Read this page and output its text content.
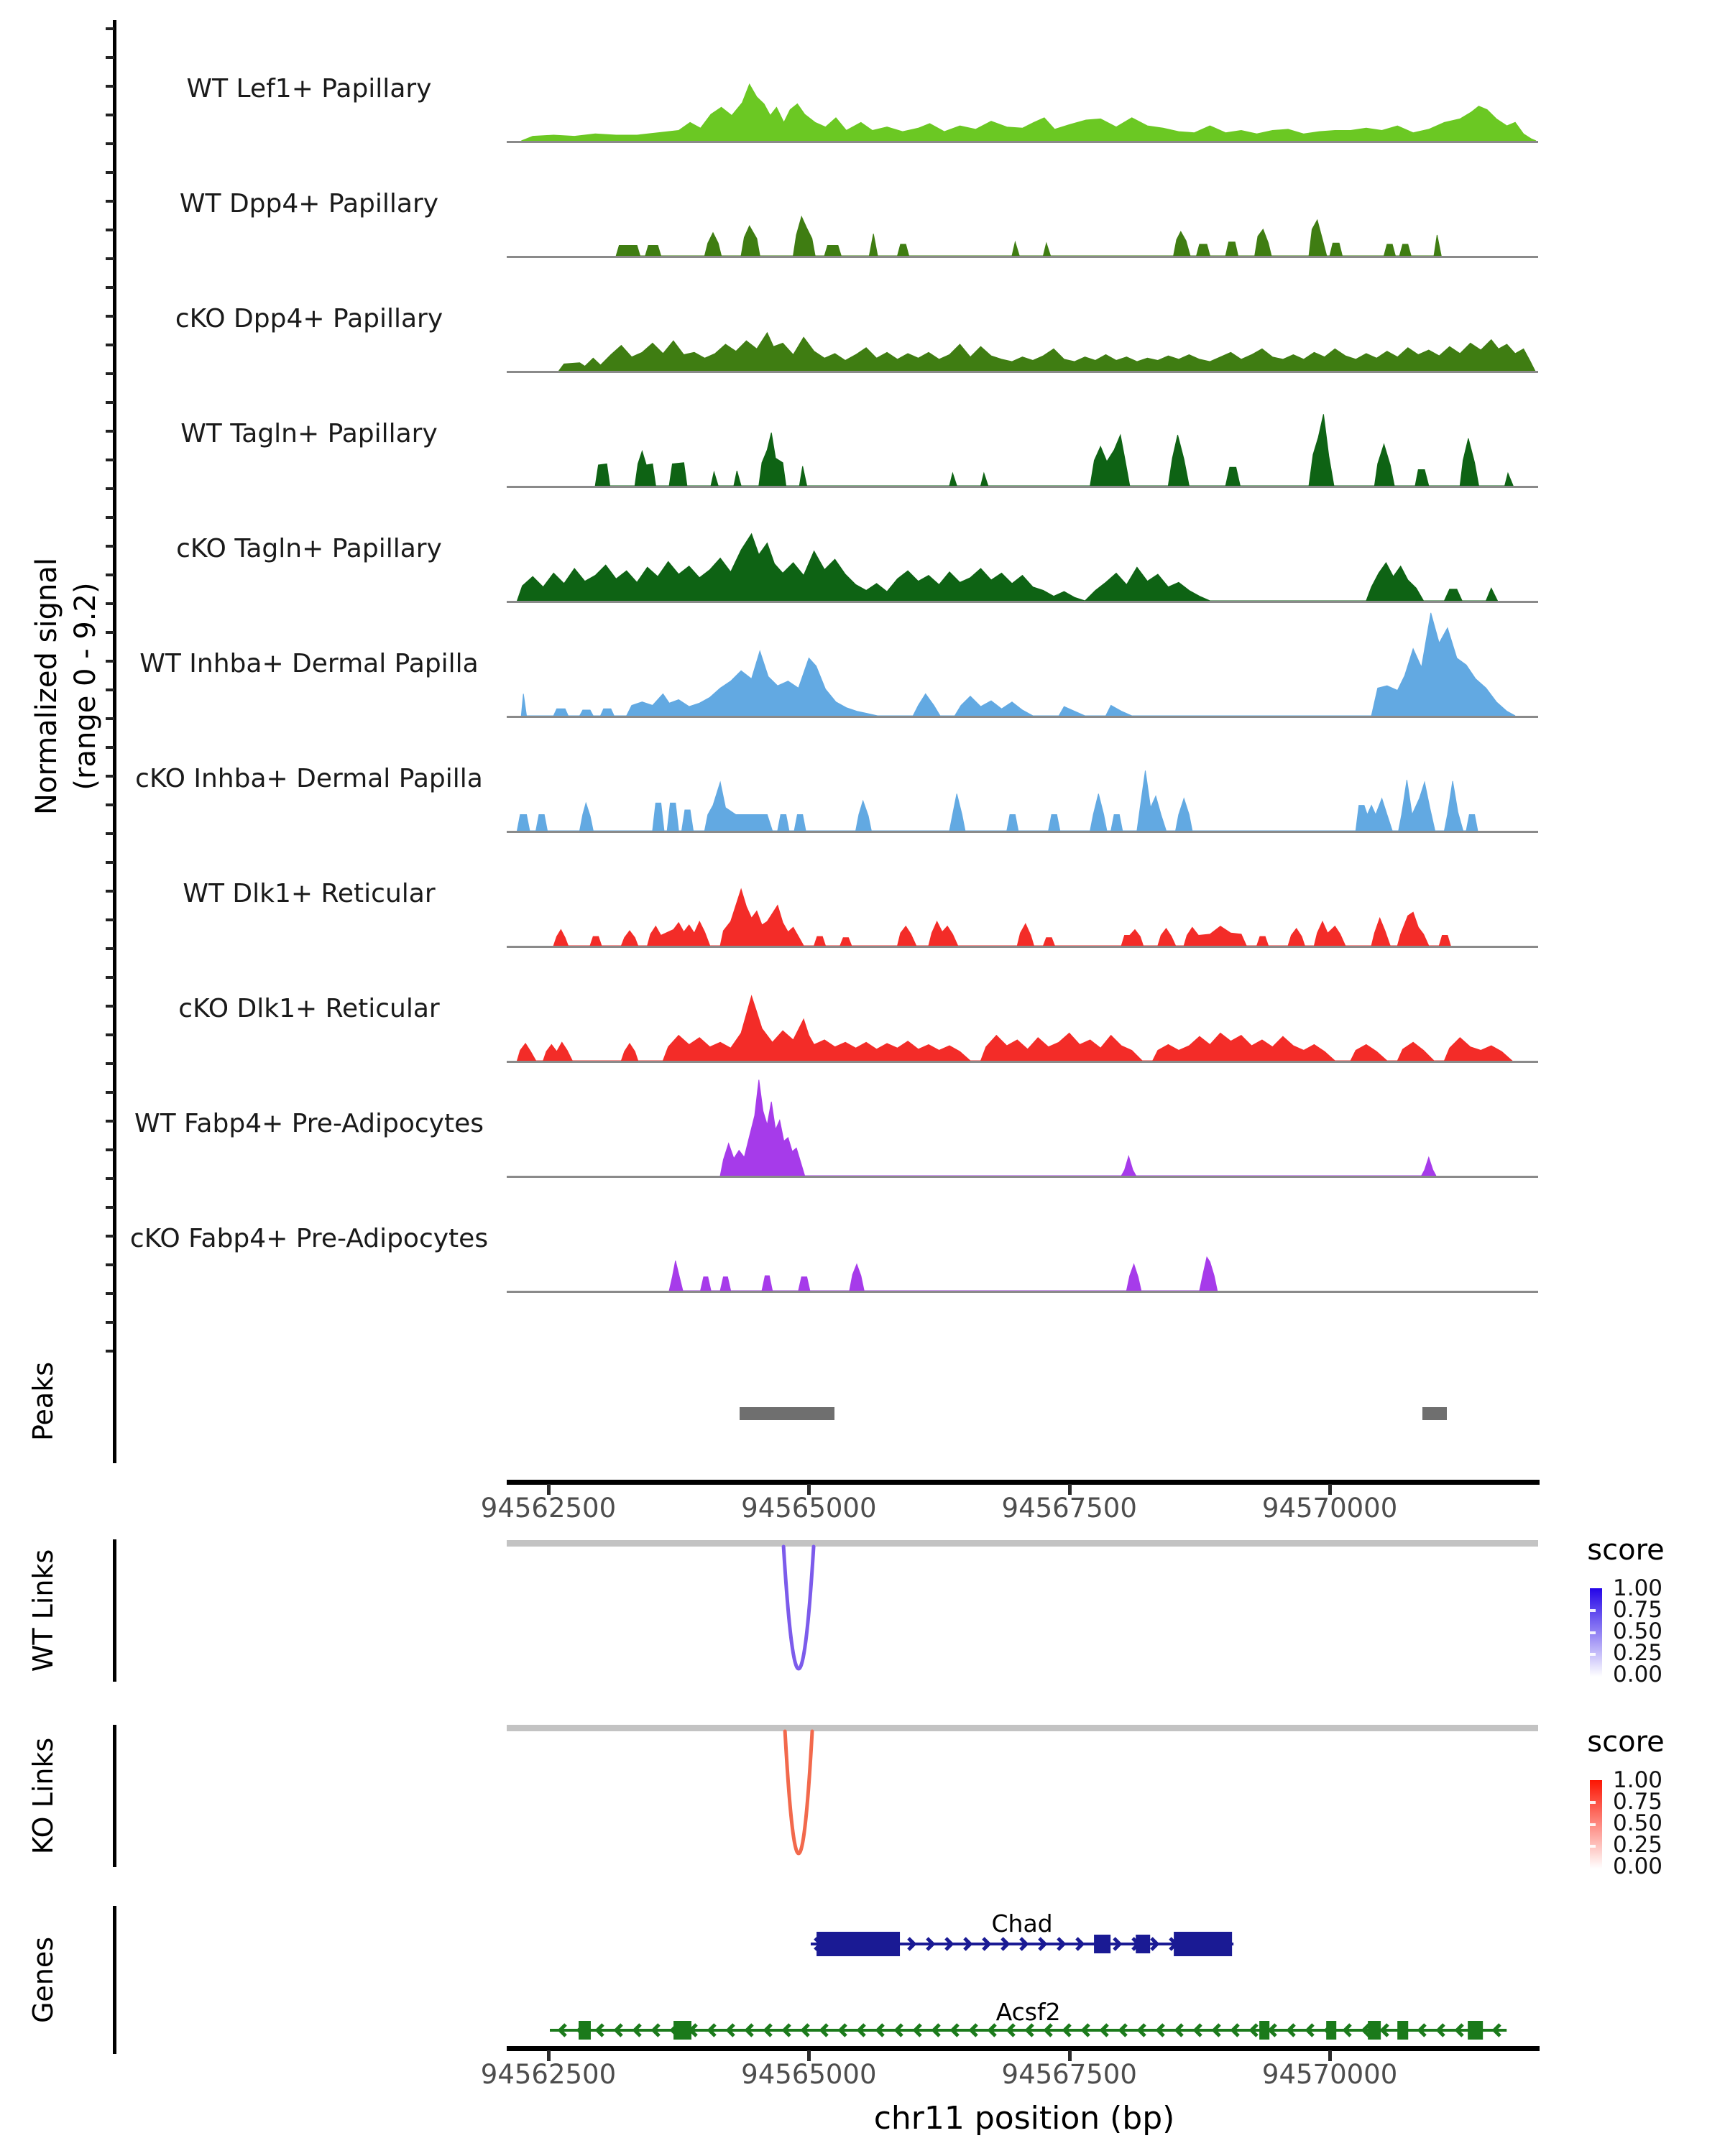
Normalized signal (range 0 - 9.2)
Peaks
WT Links
KO Links
Genes
WT Lef1+ Papillary
WT Dpp4+ Papillary
cKO Dpp4+ Papillary
WT Tagln+ Papillary
cKO Tagln+ Papillary
WT Inhba+ Dermal Papilla
cKO Inhba+ Dermal Papilla
WT Dlk1+ Reticular
cKO Dlk1+ Reticular
WT Fabp4+ Pre-Adipocytes
cKO Fabp4+ Pre-Adipocytes
94562500	94565000	94567500	94570000
94562500	94565000	94567500	94570000
Chad
Acsf2
score
1.00
0.75
0.50
0.25
0.00
score
1.00
0.75
0.50
0.25
0.00
chr11 position (bp)
